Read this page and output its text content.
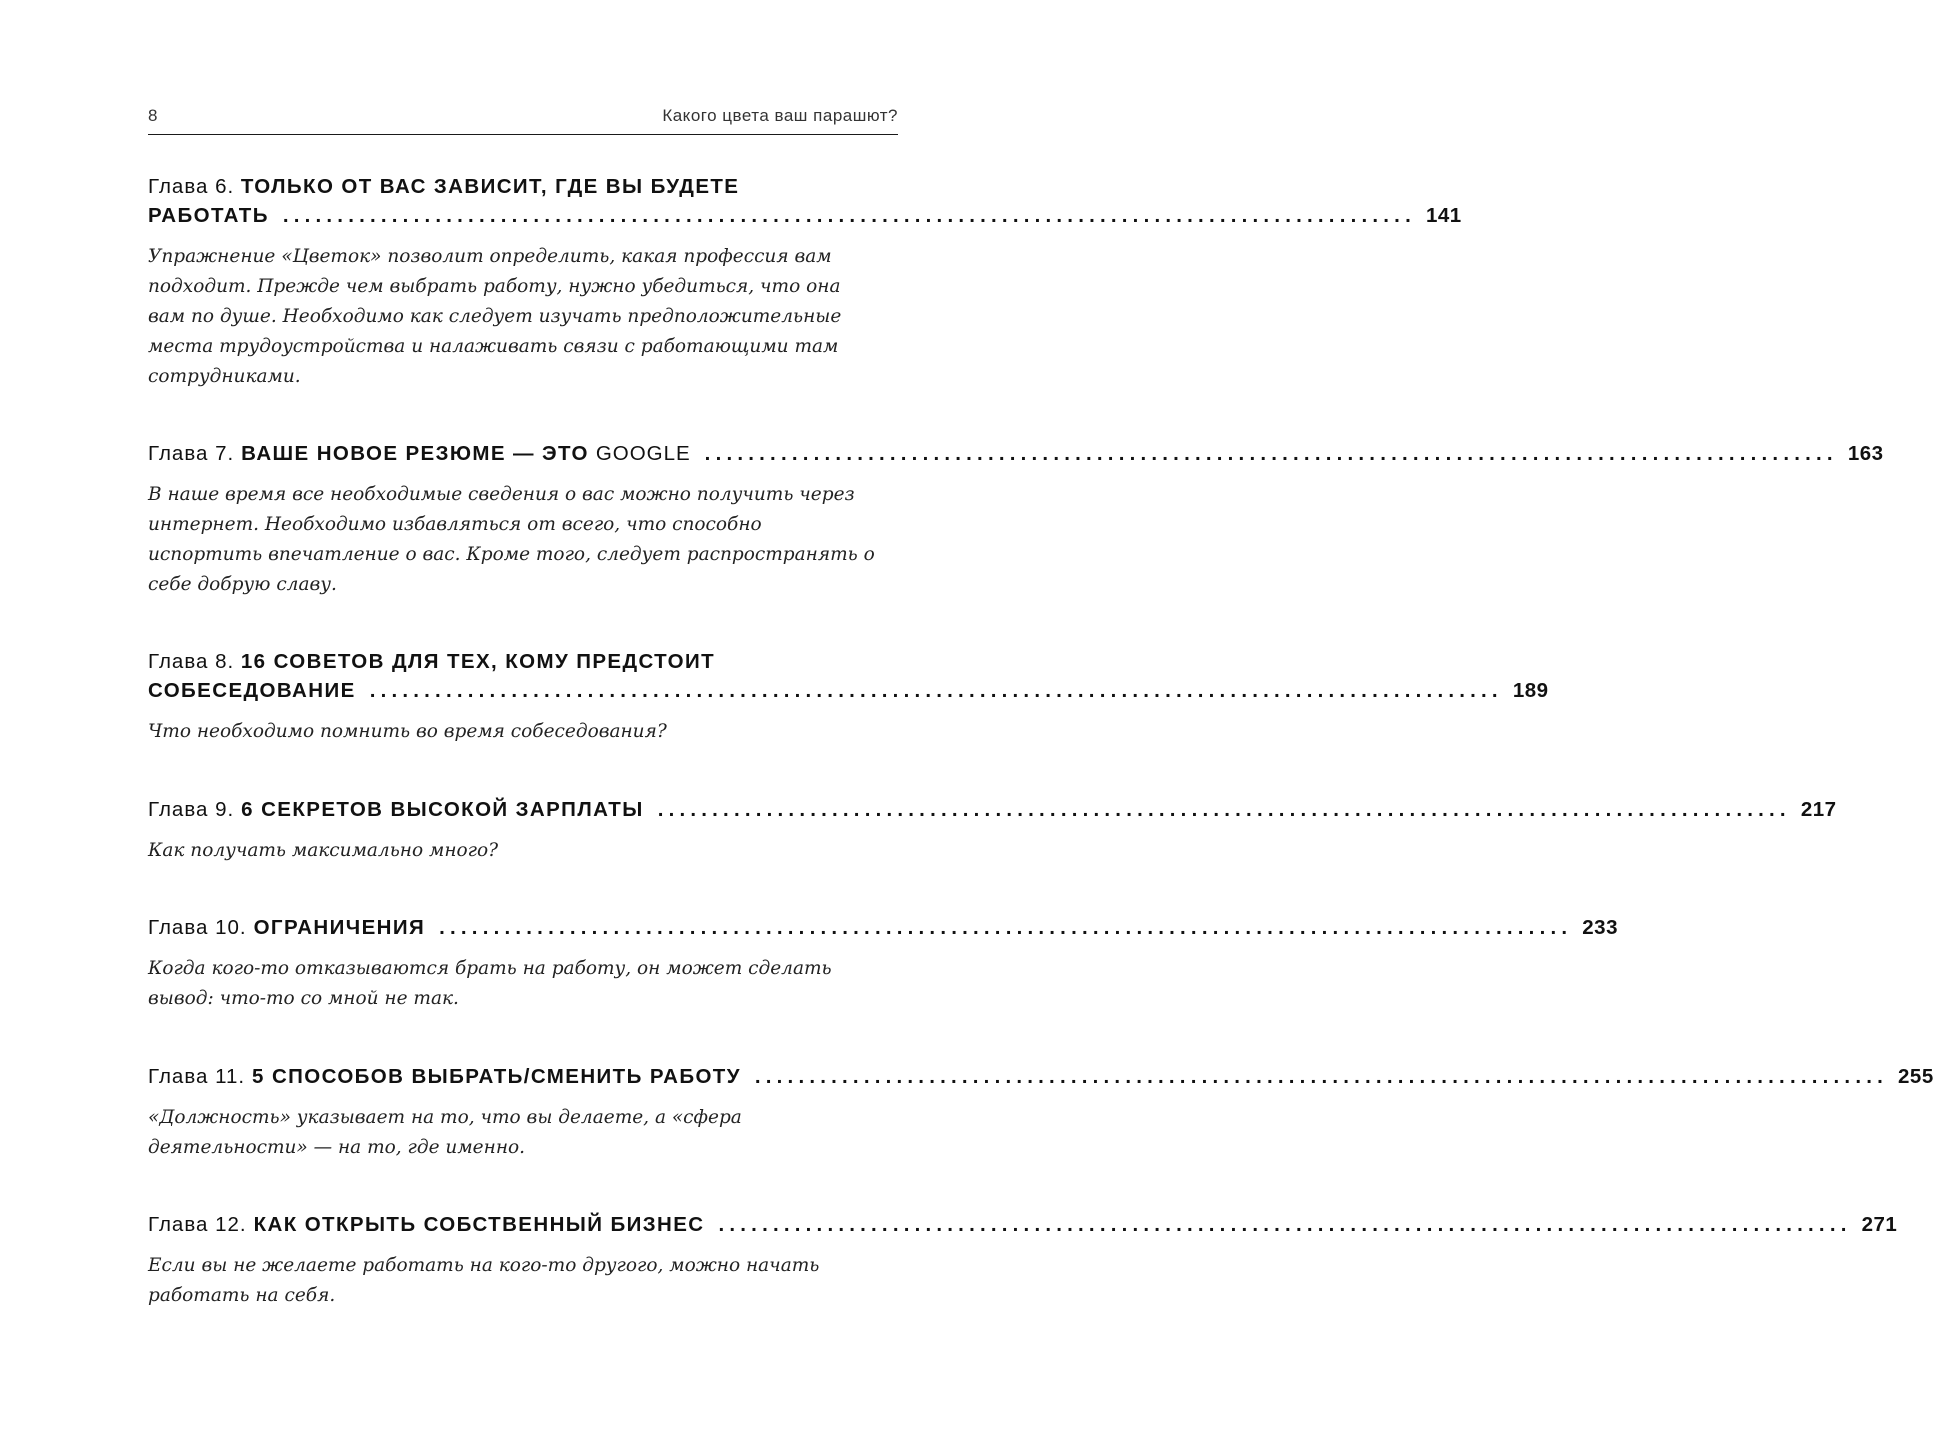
8	Какого цвета ваш парашют?
Глава 6. ТОЛЬКО ОТ ВАС ЗАВИСИТ, ГДЕ ВЫ БУДЕТЕ
РАБОТАТЬ ........................................................................................................ 141
Упражнение «Цветок» позволит определить, какая профессия вам подходит. Прежде чем выбрать работу, нужно убедиться, что она вам по душе. Необходимо как следует изучать предположительные места трудоустройства и налаживать связи с работающими там сотрудниками.
Глава 7. ВАШЕ НОВОЕ РЕЗЮМЕ — ЭТО GOOGLE ........................................................................................................ 163
В наше время все необходимые сведения о вас можно получить через интернет. Необходимо избавляться от всего, что способно испортить впечатление о вас. Кроме того, следует распространять о себе добрую славу.
Глава 8. 16 СОВЕТОВ ДЛЯ ТЕХ, КОМУ ПРЕДСТОИТ
СОБЕСЕДОВАНИЕ ........................................................................................................ 189
Что необходимо помнить во время собеседования?
Глава 9. 6 СЕКРЕТОВ ВЫСОКОЙ ЗАРПЛАТЫ ........................................................................................................ 217
Как получать максимально много?
Глава 10. ОГРАНИЧЕНИЯ ........................................................................................................ 233
Когда кого-то отказываются брать на работу, он может сделать вывод: что-то со мной не так.
Глава 11. 5 СПОСОБОВ ВЫБРАТЬ/СМЕНИТЬ РАБОТУ ........................................................................................................ 255
«Должность» указывает на то, что вы делаете, а «сфера деятельности» — на то, где именно.
Глава 12. КАК ОТКРЫТЬ СОБСТВЕННЫЙ БИЗНЕС ........................................................................................................ 271
Если вы не желаете работать на кого-то другого, можно начать работать на себя.
